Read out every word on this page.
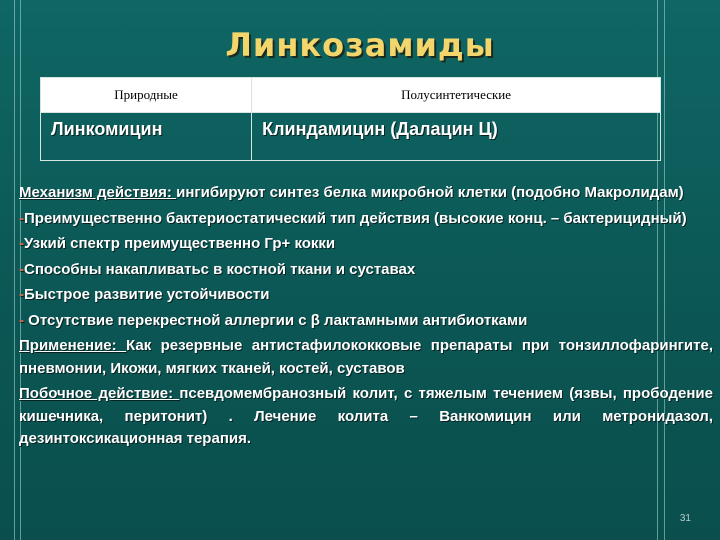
Линкозамиды
Природные	Полусинтетические
Линкомицин	Клиндамицин (Далацин Ц)

Механизм действия: ингибируют синтез белка микробной клетки (подобно Макролидам)

-Преимущественно бактериостатический тип действия (высокие конц. – бактерицидный)

-Узкий спектр преимущественно Гр+ кокки

-Способны накапливатьс в костной ткани и суставах

-Быстрое развитие устойчивости

- Отсутствие перекрестной аллергии с β лактамными антибиотками

Применение: Как резервные антистафилококковые препараты при тонзиллофарингите, пневмонии, Икожи, мягких тканей, костей, суставов

Побочное действие: псевдомембранозный колит, с тяжелым течением (язвы, прободение кишечника, перитонит) . Лечение колита – Ванкомицин или метронидазол, дезинтоксикационная терапия.

31
